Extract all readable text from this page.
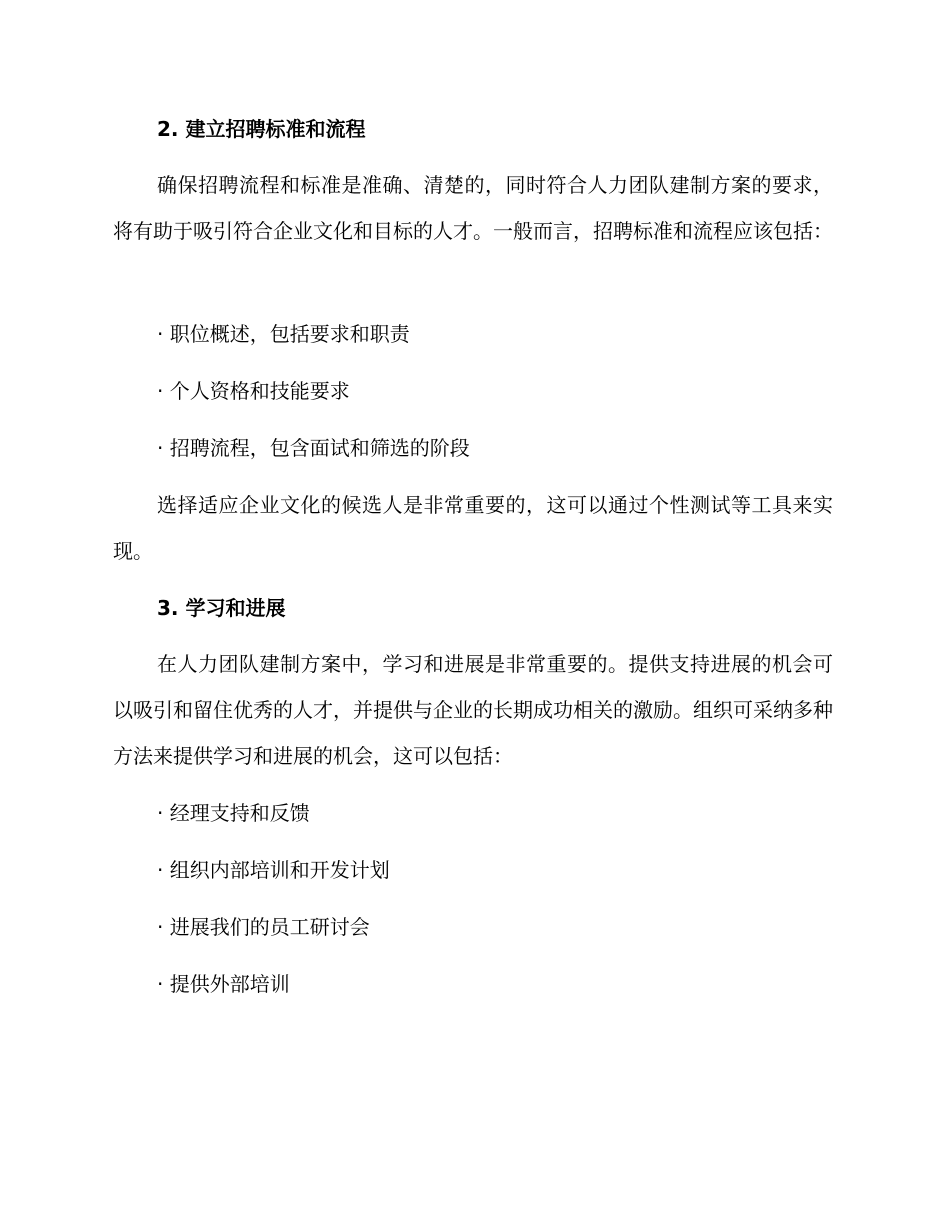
2. 建立招聘标准和流程
确保招聘流程和标准是准确、清楚的，同时符合人力团队建制方案的要求，将有助于吸引符合企业文化和目标的人才。一般而言，招聘标准和流程应该包括：
· 职位概述，包括要求和职责
· 个人资格和技能要求
· 招聘流程，包含面试和筛选的阶段
选择适应企业文化的候选人是非常重要的，这可以通过个性测试等工具来实现。
3. 学习和进展
在人力团队建制方案中，学习和进展是非常重要的。提供支持进展的机会可以吸引和留住优秀的人才，并提供与企业的长期成功相关的激励。组织可采纳多种方法来提供学习和进展的机会，这可以包括：
· 经理支持和反馈
· 组织内部培训和开发计划
· 进展我们的员工研讨会
· 提供外部培训
